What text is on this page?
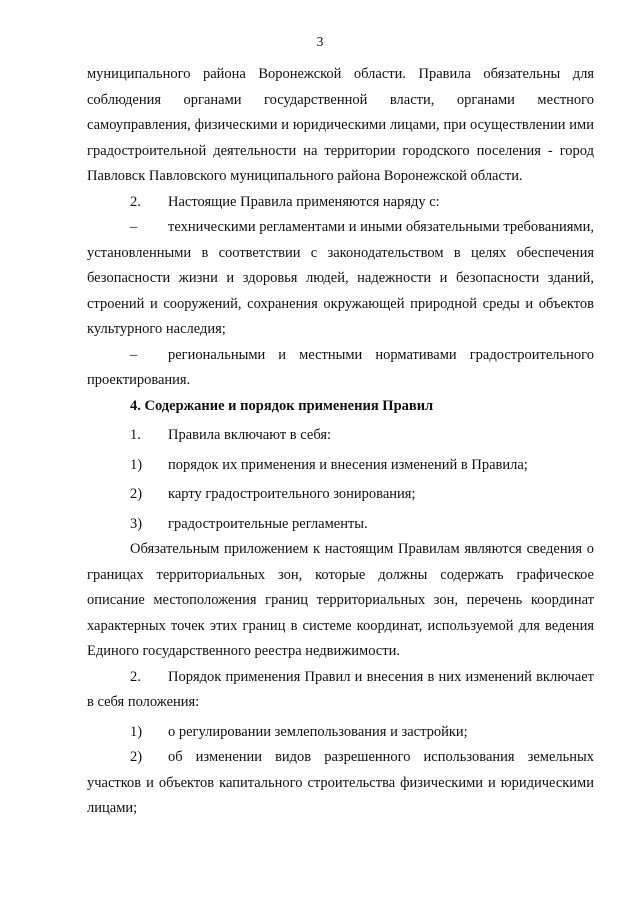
3

муниципального района Воронежской области. Правила обязательны для соблюдения органами государственной власти, органами местного самоуправления, физическими и юридическими лицами, при осуществлении ими градостроительной деятельности на территории городского поселения - город Павловск Павловского муниципального района Воронежской области.

2. Настоящие Правила применяются наряду с:

– техническими регламентами и иными обязательными требованиями, установленными в соответствии с законодательством в целях обеспечения безопасности жизни и здоровья людей, надежности и безопасности зданий, строений и сооружений, сохранения окружающей природной среды и объектов культурного наследия;

– региональными и местными нормативами градостроительного проектирования.

4. Содержание и порядок применения Правил

1.	Правила включают в себя:
1)	порядок их применения и внесения изменений в Правила;
2)	карту градостроительного зонирования;
3)	градостроительные регламенты.

Обязательным приложением к настоящим Правилам являются сведения о границах территориальных зон, которые должны содержать графическое описание местоположения границ территориальных зон, перечень координат характерных точек этих границ в системе координат, используемой для ведения Единого государственного реестра недвижимости.

2. Порядок применения Правил и внесения в них изменений включает в себя положения:

1)	о регулировании землепользования и застройки;

2) об изменении видов разрешенного использования земельных участков и объектов капитального строительства физическими и юридическими лицами;
